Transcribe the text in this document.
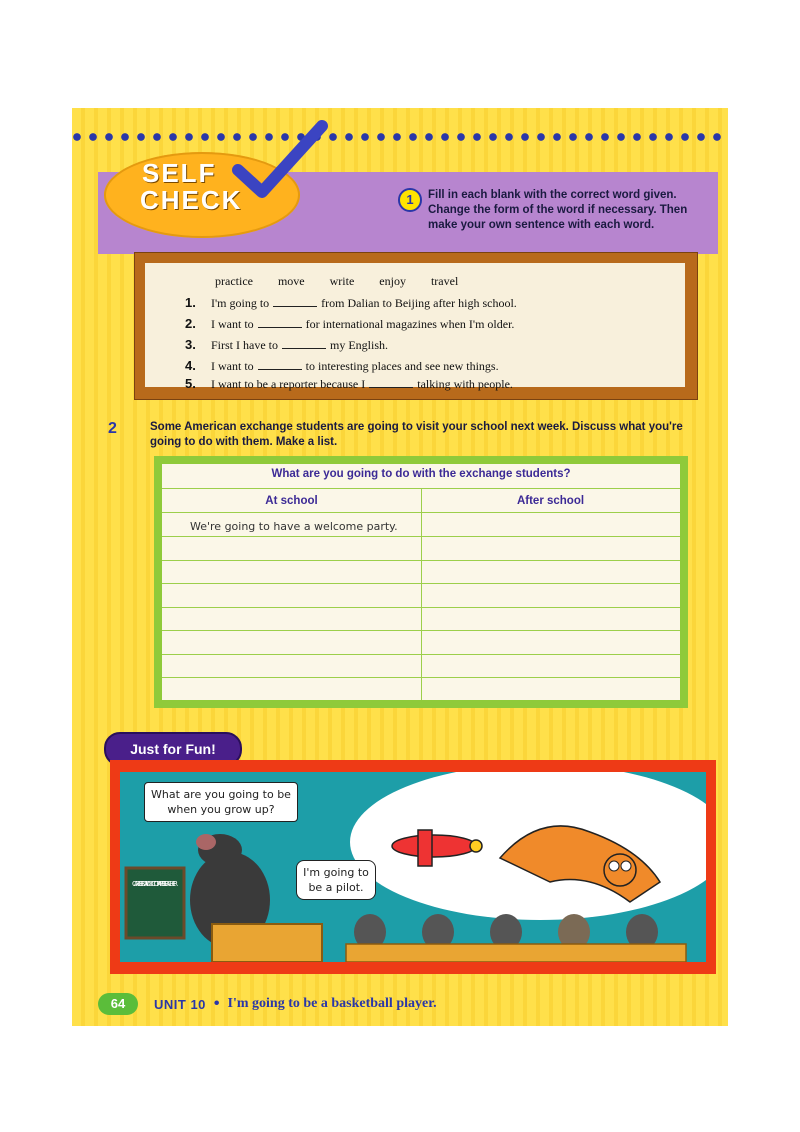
SELF
CHECK	1	Fill in each blank with the correct word given. Change the form of the word if necessary. Then make your own sentence with each word.
practice move write enjoy travel
1. I'm going to	from Dalian to Beijing after high school.
2. I want to	for international magazines when I'm older.
3. First I have to	my English.
4. I want to	to interesting places and see new things.
5. I want to be a reporter because I	talking with people.
2	Some American exchange students are going to visit your school next week. Discuss what you're going to do with them. Make a list.
What are you going to do with the exchange students?
At school	After school
We're going to have a welcome party.
Just for Fun!
CAREER DAY DOCTOR ARTIST TEACHER
What are you going to be when you grow up?
I'm going to be a pilot.
64	UNIT 10 • I'm going to be a basketball player.
